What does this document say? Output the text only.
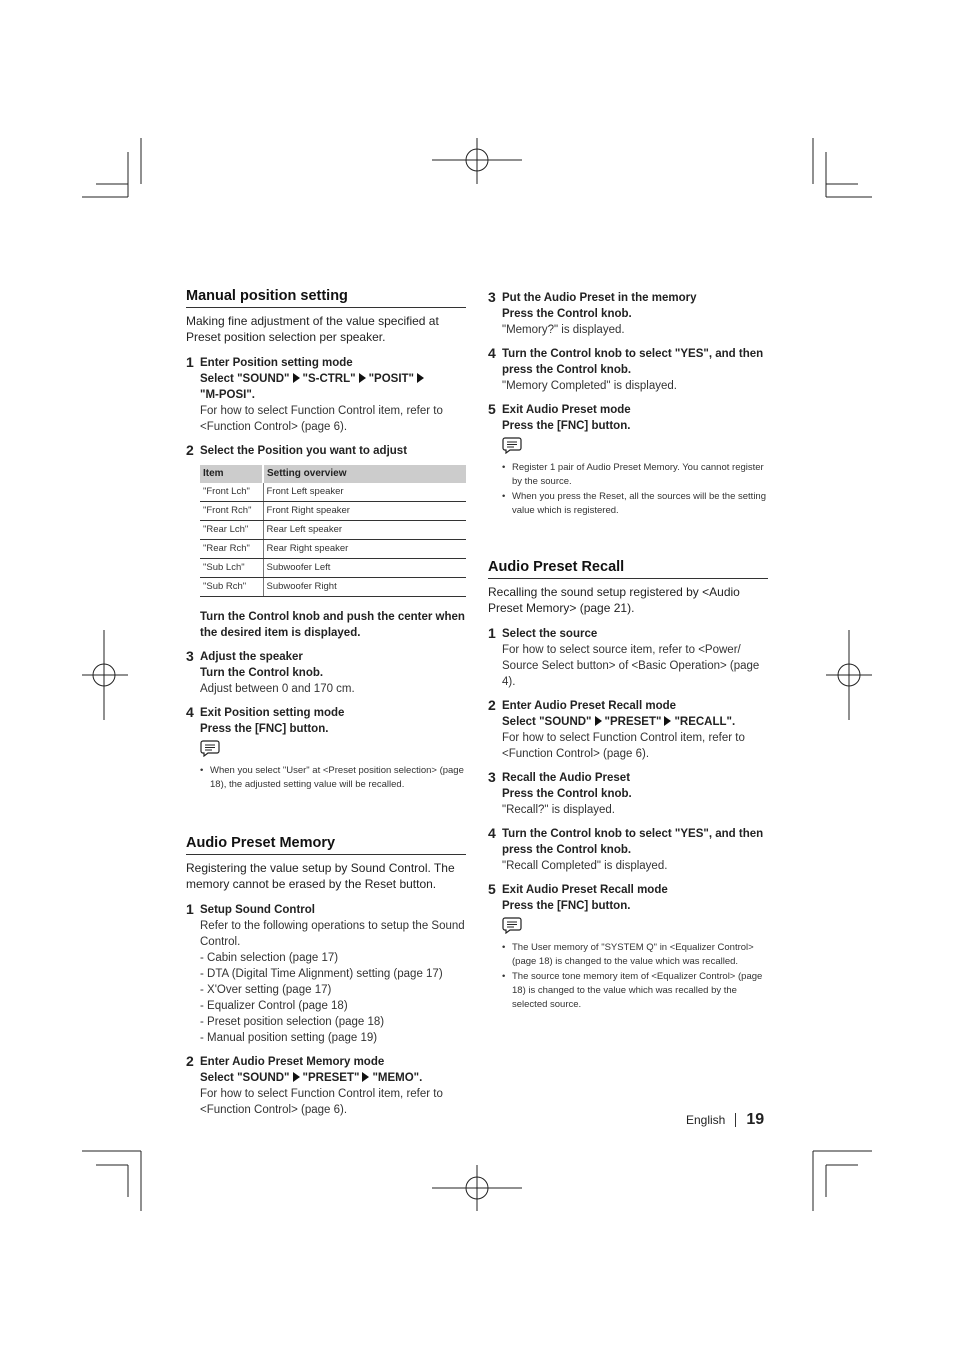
Manual position setting

Making fine adjustment of the value specified at Preset position selection per speaker.

1 Enter Position setting mode
Select "SOUND" "S-CTRL" "POSIT"
"M-POSI".
For how to select Function Control item, refer to <Function Control> (page 6).
2 Select the Position you want to adjust
Item	Setting overview
"Front Lch"	Front Left speaker
"Front Rch"	Front Right speaker
"Rear Lch"	Rear Left speaker
"Rear Rch"	Rear Right speaker
"Sub Lch"	Subwoofer Left
"Sub Rch"	Subwoofer Right

Turn the Control knob and push the center when the desired item is displayed.

3 Adjust the speaker
Turn the Control knob.
Adjust between 0 and 170 cm.
4 Exit Position setting mode
Press the [FNC] button.
• When you select "User" at <Preset position selection> (page 18), the adjusted setting value will be recalled.
Audio Preset Memory

Registering the value setup by Sound Control. The memory cannot be erased by the Reset button.

1 Setup Sound Control
Refer to the following operations to setup the Sound Control.
- Cabin selection (page 17)
- DTA (Digital Time Alignment) setting (page 17)
- X'Over setting (page 17)
- Equalizer Control (page 18)
- Preset position selection (page 18)
- Manual position setting (page 19)
2 Enter Audio Preset Memory mode
Select "SOUND" "PRESET" "MEMO".
For how to select Function Control item, refer to <Function Control> (page 6).
3 Put the Audio Preset in the memory
Press the Control knob.
"Memory?" is displayed.
4 Turn the Control knob to select "YES", and then press the Control knob.
"Memory Completed" is displayed.
5 Exit Audio Preset mode
Press the [FNC] button.
• Register 1 pair of Audio Preset Memory. You cannot register by the source.
• When you press the Reset, all the sources will be the setting value which is registered.
Audio Preset Recall

Recalling the sound setup registered by <Audio Preset Memory> (page 21).

1 Select the source
For how to select source item, refer to <Power/ Source Select button> of <Basic Operation> (page 4).
2 Enter Audio Preset Recall mode
Select "SOUND" "PRESET" "RECALL".
For how to select Function Control item, refer to <Function Control> (page 6).
3 Recall the Audio Preset
Press the Control knob.
"Recall?" is displayed.
4 Turn the Control knob to select "YES", and then press the Control knob.
"Recall Completed" is displayed.
5 Exit Audio Preset Recall mode
Press the [FNC] button.
• The User memory of "SYSTEM Q" in <Equalizer Control> (page 18) is changed to the value which was recalled.
• The source tone memory item of <Equalizer Control> (page 18) is changed to the value which was recalled by the selected source.
English 19
